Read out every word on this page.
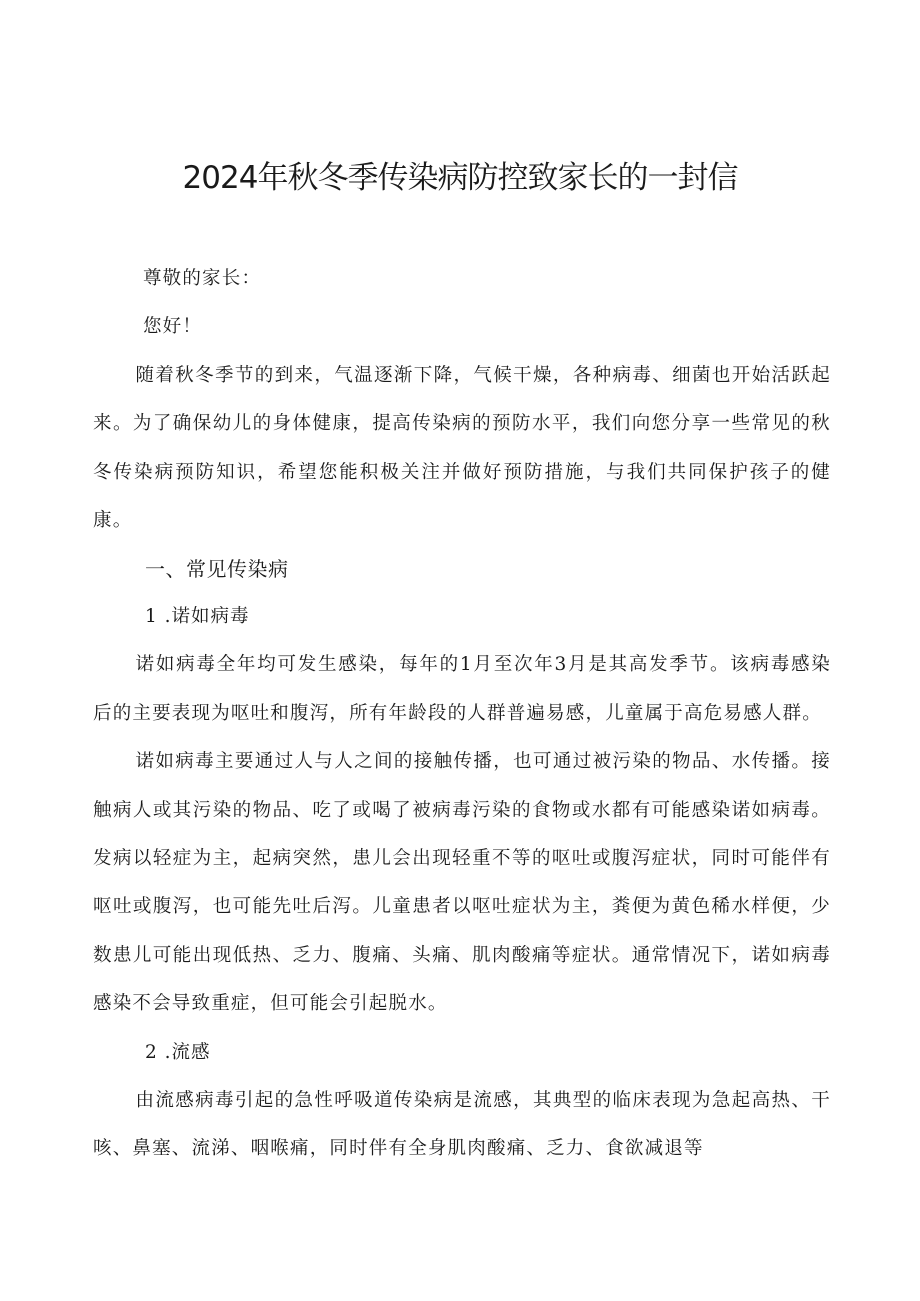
2024年秋冬季传染病防控致家长的一封信

尊敬的家长：

您好！

随着秋冬季节的到来，气温逐渐下降，气候干燥，各种病毒、细菌也开始活跃起来。为了确保幼儿的身体健康，提高传染病的预防水平，我们向您分享一些常见的秋冬传染病预防知识，希望您能积极关注并做好预防措施，与我们共同保护孩子的健康。

一、常见传染病
1 .诺如病毒

诺如病毒全年均可发生感染，每年的1月至次年3月是其高发季节。该病毒感染后的主要表现为呕吐和腹泻，所有年龄段的人群普遍易感，儿童属于高危易感人群。

诺如病毒主要通过人与人之间的接触传播，也可通过被污染的物品、水传播。接触病人或其污染的物品、吃了或喝了被病毒污染的食物或水都有可能感染诺如病毒。发病以轻症为主，起病突然，患儿会出现轻重不等的呕吐或腹泻症状，同时可能伴有呕吐或腹泻，也可能先吐后泻。儿童患者以呕吐症状为主，粪便为黄色稀水样便，少数患儿可能出现低热、乏力、腹痛、头痛、肌肉酸痛等症状。通常情况下，诺如病毒感染不会导致重症，但可能会引起脱水。

2 .流感

由流感病毒引起的急性呼吸道传染病是流感，其典型的临床表现为急起高热、干咳、鼻塞、流涕、咽喉痛，同时伴有全身肌肉酸痛、乏力、食欲减退等
